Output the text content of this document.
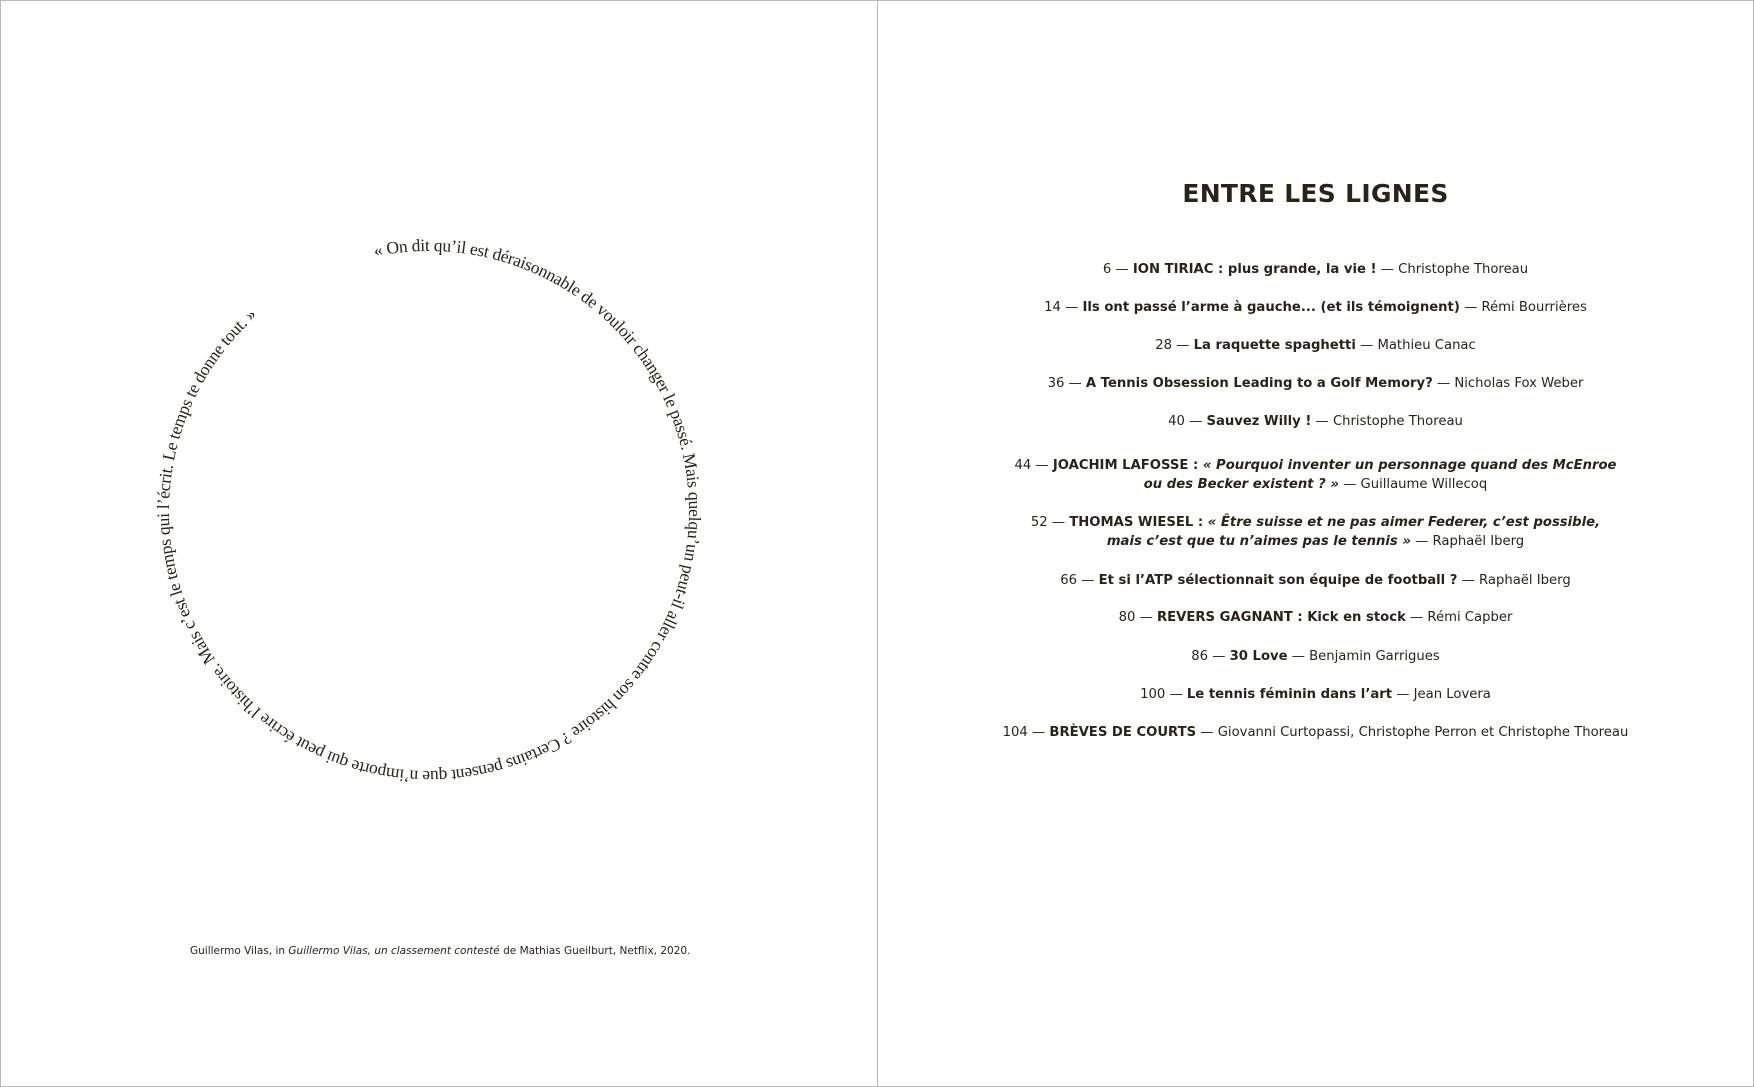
« On dit qu’il est déraisonnable de vouloir changer le passé. Mais quelqu’un peut-il aller contre son histoire ? Certains pensent que n’importe qui peut écrire l’histoire. Mais c’est le temps qui l’écrit. Le temps te donne tout. »
Guillermo Vilas, in Guillermo Vilas, un classement contesté de Mathias Gueilburt, Netflix, 2020.
ENTRE LES LIGNES
6 — ION TIRIAC : plus grande, la vie ! — Christophe Thoreau
14 — Ils ont passé l’arme à gauche... (et ils témoignent) — Rémi Bourrières
28 — La raquette spaghetti — Mathieu Canac
36 — A Tennis Obsession Leading to a Golf Memory? — Nicholas Fox Weber
40 — Sauvez Willy ! — Christophe Thoreau
44 — JOACHIM LAFOSSE : « Pourquoi inventer un personnage quand des McEnroe
ou des Becker existent ? » — Guillaume Willecoq
52 — THOMAS WIESEL : « Être suisse et ne pas aimer Federer, c’est possible,
mais c’est que tu n’aimes pas le tennis » — Raphaël Iberg
66 — Et si l’ATP sélectionnait son équipe de football ? — Raphaël Iberg
80 — REVERS GAGNANT : Kick en stock — Rémi Capber
86 — 30 Love — Benjamin Garrigues
100 — Le tennis féminin dans l’art — Jean Lovera
104 — BRÈVES DE COURTS — Giovanni Curtopassi, Christophe Perron et Christophe Thoreau
